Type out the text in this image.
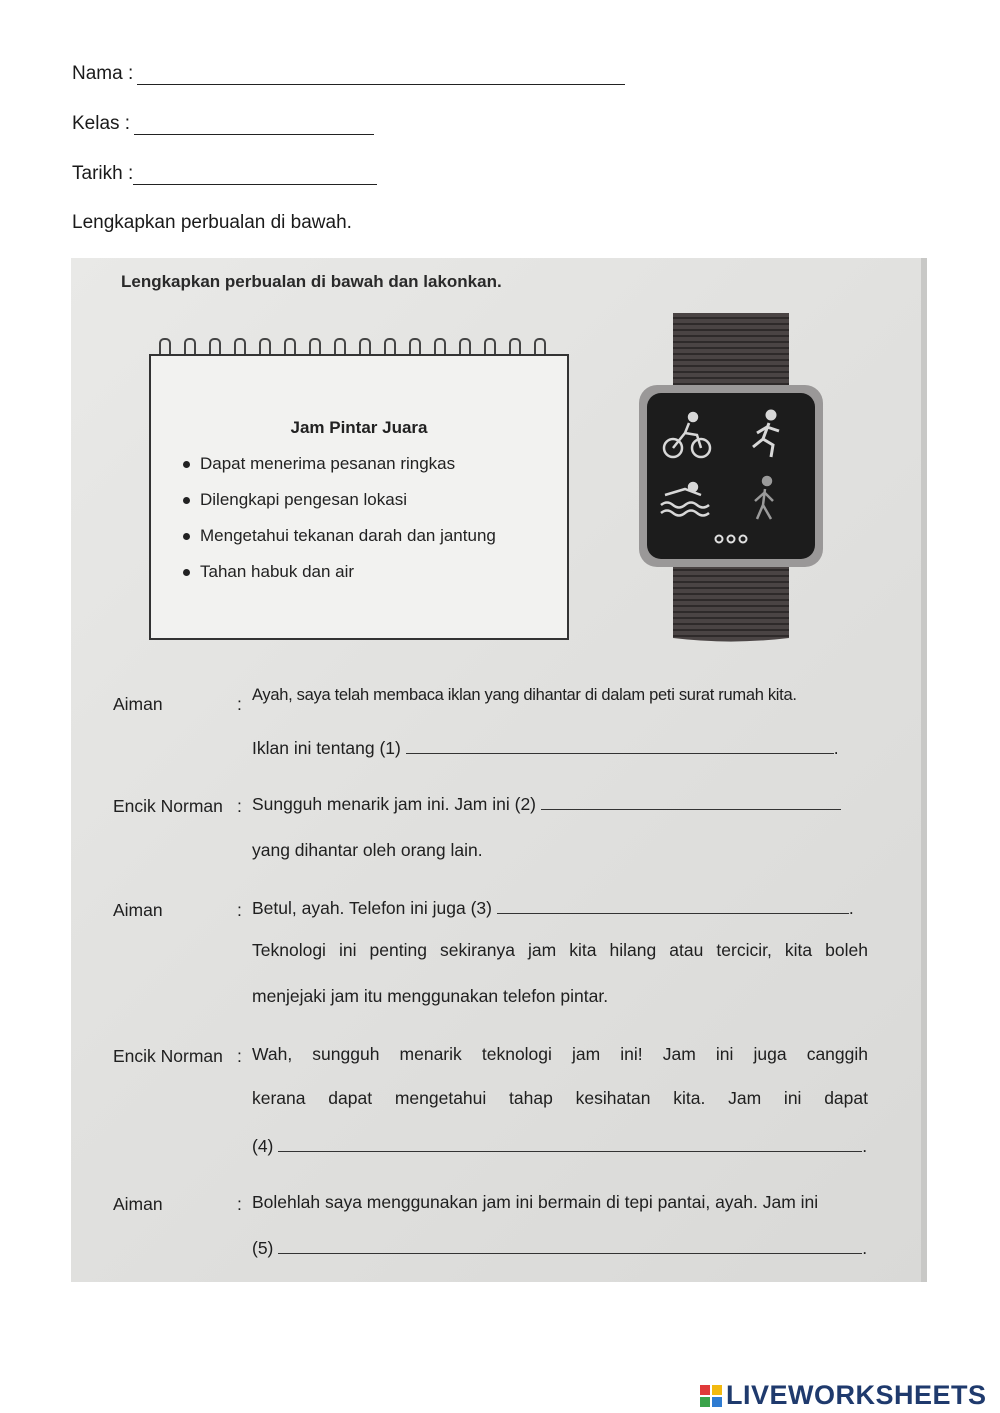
Nama :
Kelas :
Tarikh :
Lengkapkan perbualan di bawah.
Lengkapkan perbualan di bawah dan lakonkan.
Jam Pintar Juara
Dapat menerima pesanan ringkas
Dilengkapi pengesan lokasi
Mengetahui tekanan darah dan jantung
Tahan habuk dan air
Aiman	: Ayah, saya telah membaca iklan yang dihantar di dalam peti surat rumah kita.
Iklan ini tentang (1)	.
Encik Norman : Sungguh menarik jam ini. Jam ini (2)
yang dihantar oleh orang lain.
Aiman	: Betul, ayah. Telefon ini juga (3)	.
Teknologi ini penting sekiranya jam kita hilang atau tercicir, kita boleh
menjejaki jam itu menggunakan telefon pintar.
Encik Norman : Wah, sungguh menarik teknologi jam ini! Jam ini juga canggih
kerana dapat mengetahui tahap kesihatan kita. Jam ini dapat
(4)	.
Aiman	: Bolehlah saya menggunakan jam ini bermain di tepi pantai, ayah. Jam ini
(5)	.
LIVEWORKSHEETS
